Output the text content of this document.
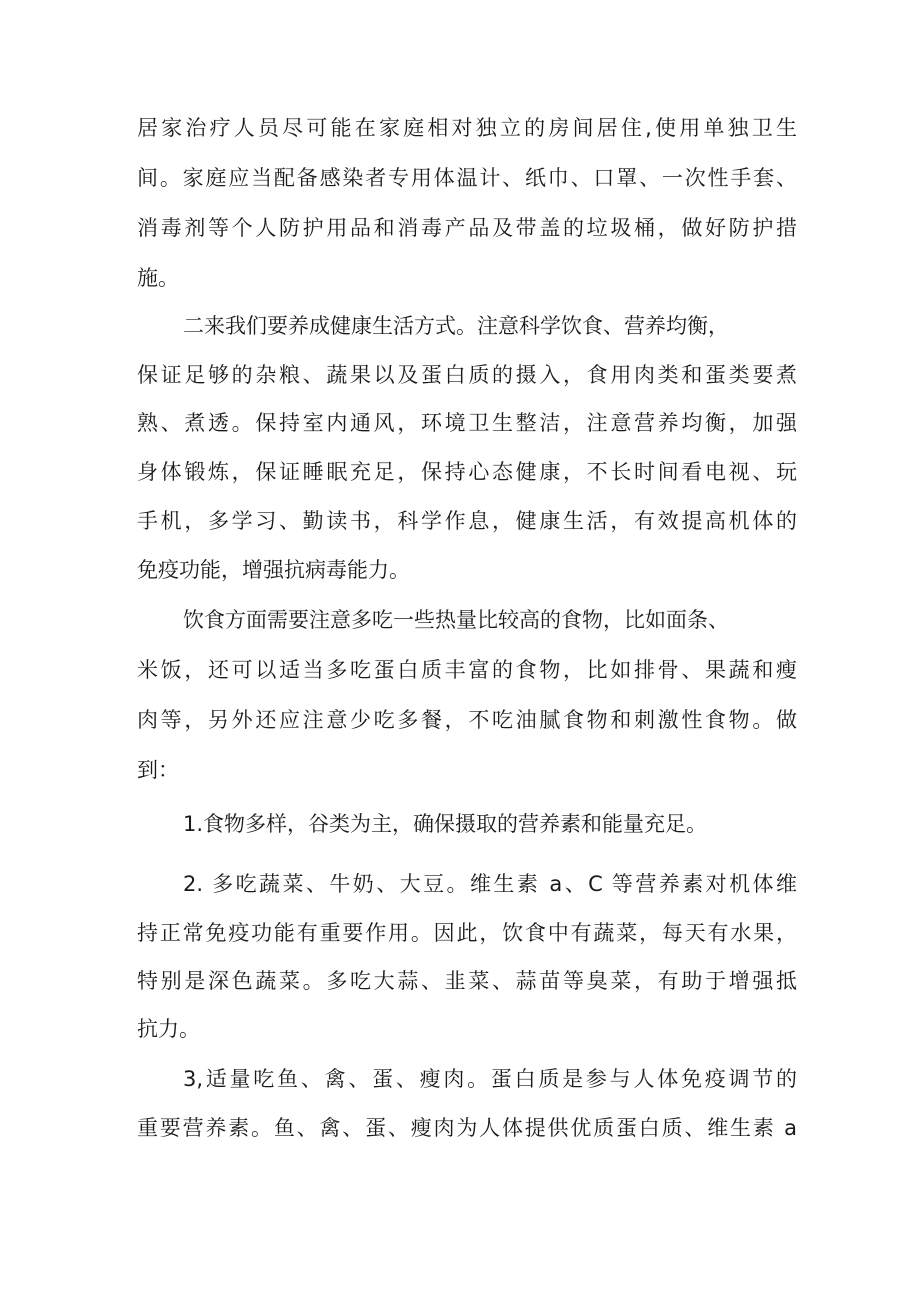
居家治疗人员尽可能在家庭相对独立的房间居住,使用单独卫生
间。家庭应当配备感染者专用体温计、纸巾、口罩、一次性手套、
消毒剂等个人防护用品和消毒产品及带盖的垃圾桶，做好防护措
施。
二来我们要养成健康生活方式。注意科学饮食、营养均衡，
保证足够的杂粮、蔬果以及蛋白质的摄入，食用肉类和蛋类要煮
熟、煮透。保持室内通风，环境卫生整洁，注意营养均衡，加强
身体锻炼，保证睡眠充足，保持心态健康，不长时间看电视、玩
手机，多学习、勤读书，科学作息，健康生活，有效提高机体的
免疫功能，增强抗病毒能力。
饮食方面需要注意多吃一些热量比较高的食物，比如面条、
米饭，还可以适当多吃蛋白质丰富的食物，比如排骨、果蔬和瘦
肉等，另外还应注意少吃多餐，不吃油腻食物和刺激性食物。做
到：
1.食物多样，谷类为主，确保摄取的营养素和能量充足。
2. 多吃蔬菜、牛奶、大豆。维生素 a、C 等营养素对机体维
持正常免疫功能有重要作用。因此，饮食中有蔬菜，每天有水果，
特别是深色蔬菜。多吃大蒜、韭菜、蒜苗等臭菜，有助于增强抵
抗力。
3,适量吃鱼、禽、蛋、瘦肉。蛋白质是参与人体免疫调节的
重要营养素。鱼、禽、蛋、瘦肉为人体提供优质蛋白质、维生素 a
